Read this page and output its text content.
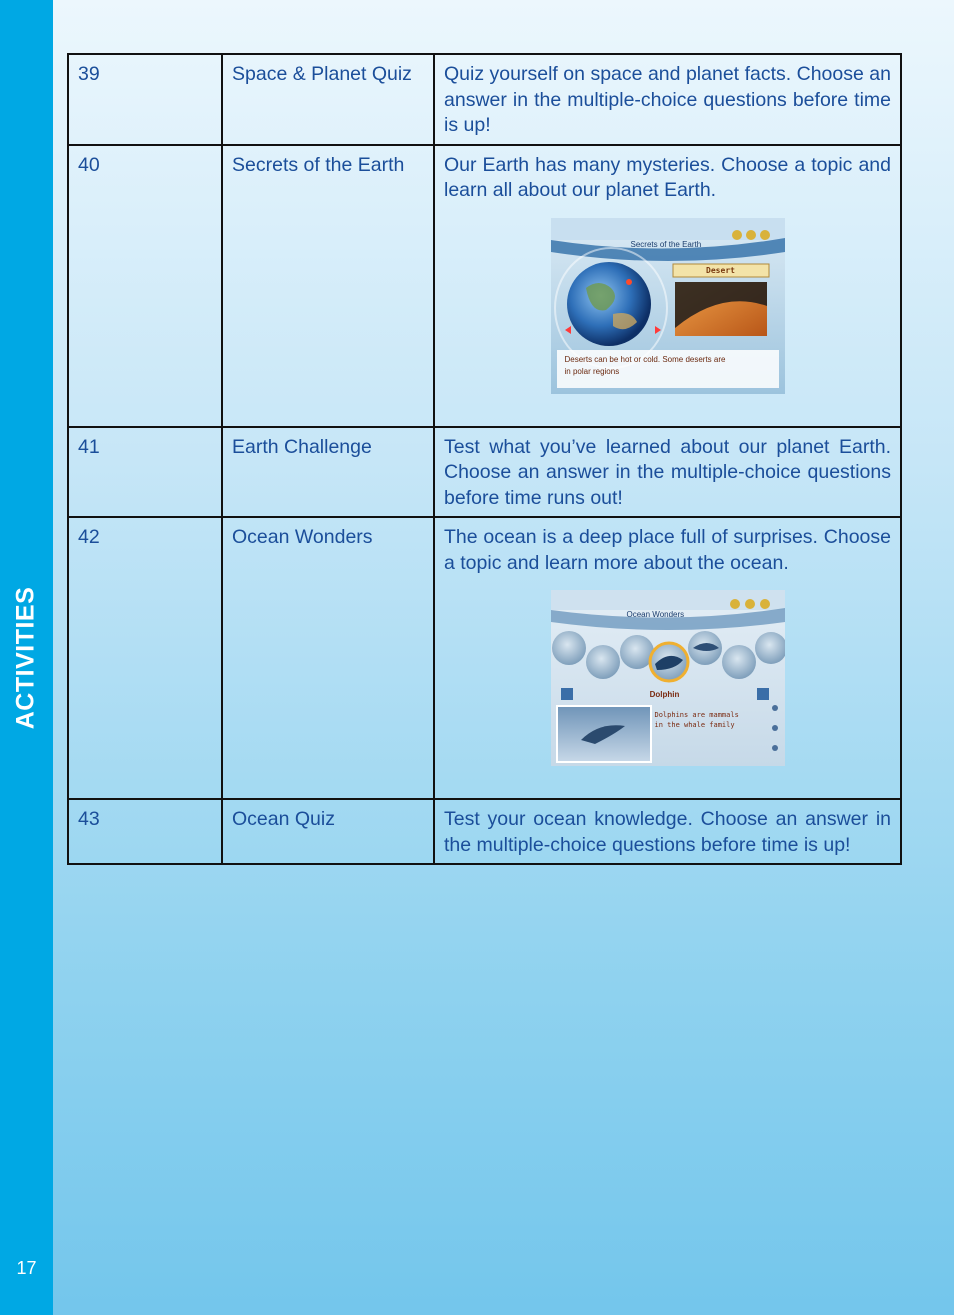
ACTIVITIES
17
39	Space & Planet Quiz	Quiz yourself on space and planet facts. Choose an answer in the multiple-choice questions before time is up!

40	Secrets of the Earth	Our Earth has many mysteries. Choose a topic and learn all about our planet Earth.
Secrets of the Earth
Desert
Deserts can be hot or cold. Some deserts are
in polar regions

41	Earth Challenge	Test what you’ve learned about our planet Earth. Choose an answer in the multiple-choice questions before time runs out!

42	Ocean Wonders	The ocean is a deep place full of surprises. Choose a topic and learn more about the ocean.
Ocean Wonders
Dolphin
Dolphins are mammals
in the whale family

43	Ocean Quiz	Test your ocean knowledge. Choose an answer in the multiple-choice questions before time is up!
